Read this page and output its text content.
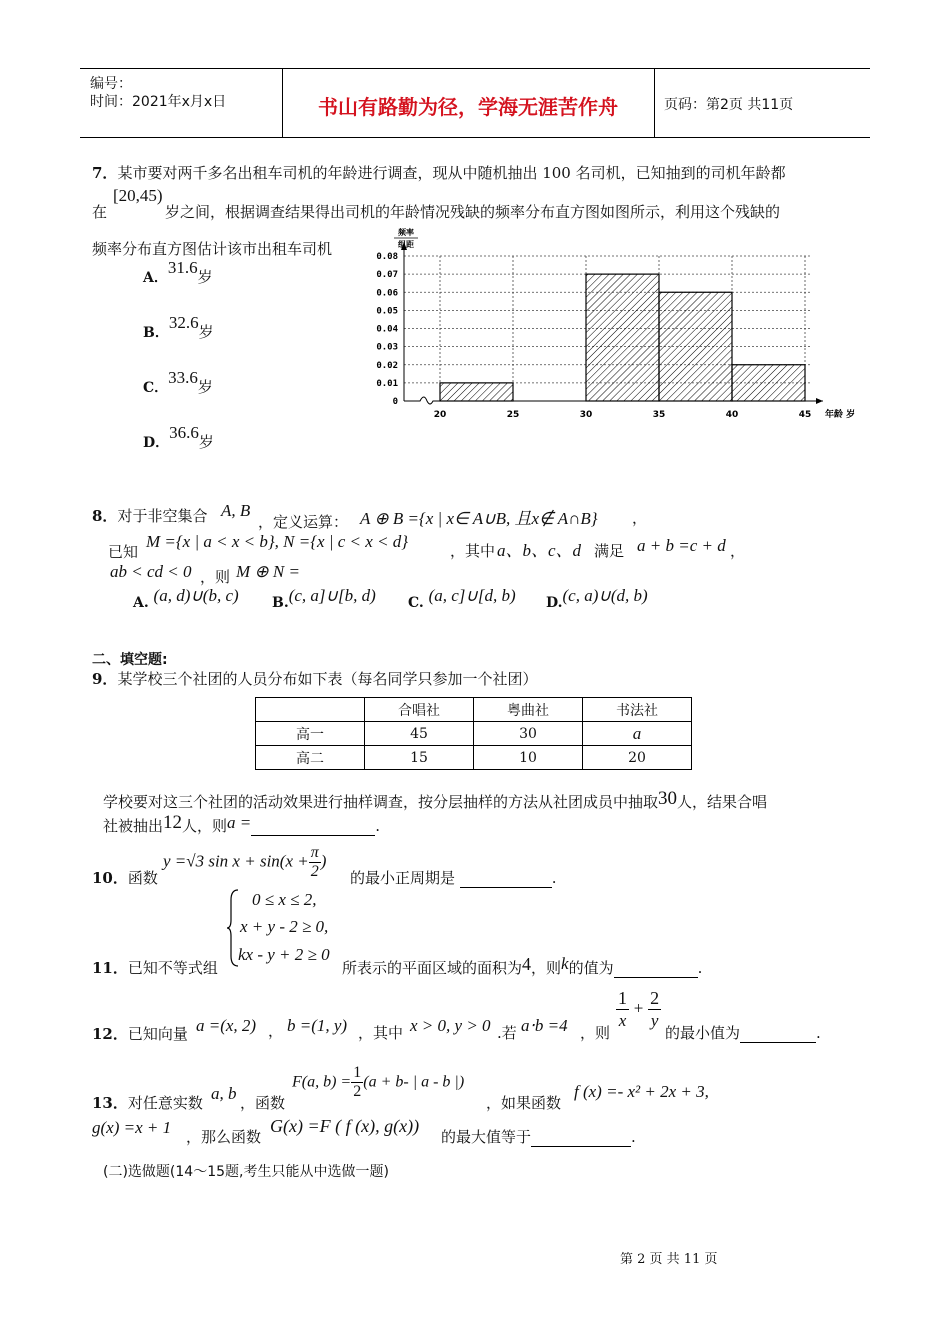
编号：
时间：2021年x月x日	书山有路勤为径，学海无涯苦作舟	页码：第2页 共11页
7．某市要对两千多名出租车司机的年龄进行调查，现从中随机抽出 100 名司机，已知抽到的司机年龄都
[20,45)
在	岁之间，根据调查结果得出司机的年龄情况残缺的频率分布直方图如图所示，利用这个残缺的
频率分布直方图估计该市出租车司机
A．31.6岁
B．32.6岁
C．33.6岁
D．36.6岁
0.08
0.07
0.06
0.05
0.04
0.03
0.02
0.01
0
20	25	30	35	40	45 年龄 岁
频率
组距
8．对于非空集合 A, B
，定义运算： A ⊕ B ={x | x∈ A∪B, 且x∉ A∩B} ，
已知
M ={x | a < x < b}, N ={x | c < x < d}	，其中 a、b、c、d 满足 a + b =c + d ，
ab < cd < 0 ，则 M ⊕ N =
A. (a, d)∪(b, c) B.(c, a]∪[b, d) C. (a, c]∪[d, b) D.(c, a)∪(d, b)
二、填空题:
9．某学校三个社团的人员分布如下表（每名同学只参加一个社团）
	合唱社	粤曲社	书法社
高一	45	30	a
高二	15	10	20
学校要对这三个社团的活动效果进行抽样调查，按分层抽样的方法从社团成员中抽取30人，结果合唱
社被抽出12人，则a =	.
10．函数
y =√3 $\sin x + \sin(x + \frac{\pi}{2}$ )
的最小正周期是	.
0 ≤ x ≤ 2,
x + y - 2 ≥ 0,
kx - y + 2 ≥ 0
11．已知不等式组	所表示的平面区域的面积为4，则k的值为	.
12．已知向量 a =(x, 2) ， b =(1, y) ，其中 x > 0, y > 0 .若 a⋅b =4 ，则
$\frac{1}{x} + \frac{2}{y}$
的最小值为	.
13．对任意实数 a, b ，函数
F(a, $b) = \frac{1}{2} (a + b-$ | a - b |)
，如果函数
f (x) =- x² + 2x + 3,
g(x) =x + 1 ，那么函数
G(x) =F ( f (x), g(x))
的最大值等于	.
(二)选做题(14～15题,考生只能从中选做一题)
第 2 页 共 11 页
